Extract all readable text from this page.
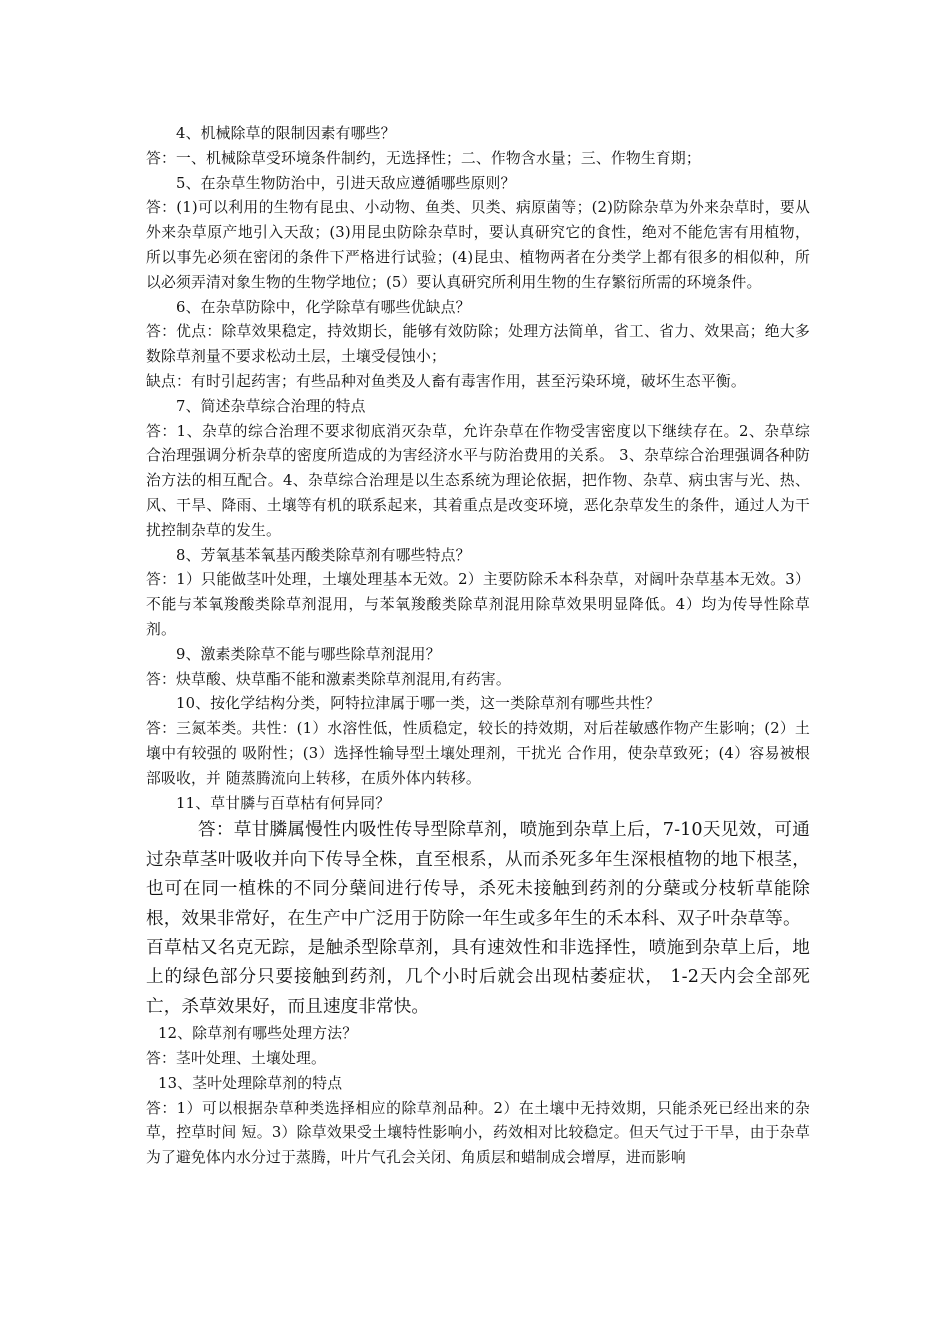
4、机械除草的限制因素有哪些？

答：一、机械除草受环境条件制约，无选择性；二、作物含水量；三、作物生育期；

5、在杂草生物防治中，引进天敌应遵循哪些原则？

答：(1)可以利用的生物有昆虫、小动物、鱼类、贝类、病原菌等；(2)防除杂草为外来杂草时，要从外来杂草原产地引入天敌；(3)用昆虫防除杂草时，要认真研究它的食性，绝对不能危害有用植物，所以事先必须在密闭的条件下严格进行试验；(4)昆虫、植物两者在分类学上都有很多的相似种，所以必须弄清对象生物的生物学地位；(5）要认真研究所利用生物的生存繁衍所需的环境条件。

6、在杂草防除中，化学除草有哪些优缺点？

答：优点：除草效果稳定，持效期长，能够有效防除；处理方法简单，省工、省力、效果高；绝大多数除草剂量不要求松动土层，土壤受侵蚀小；

缺点：有时引起药害；有些品种对鱼类及人畜有毒害作用，甚至污染环境，破坏生态平衡。

7、简述杂草综合治理的特点

答：1、杂草的综合治理不要求彻底消灭杂草，允许杂草在作物受害密度以下继续存在。2、杂草综合治理强调分析杂草的密度所造成的为害经济水平与防治费用的关系。 3、杂草综合治理强调各种防治方法的相互配合。4、杂草综合治理是以生态系统为理论依据，把作物、杂草、病虫害与光、热、风、干旱、降雨、土壤等有机的联系起来，其着重点是改变环境，恶化杂草发生的条件，通过人为干扰控制杂草的发生。

8、芳氧基苯氧基丙酸类除草剂有哪些特点？

答：1）只能做茎叶处理，土壤处理基本无效。2）主要防除禾本科杂草，对阔叶杂草基本无效。3）不能与苯氧羧酸类除草剂混用，与苯氧羧酸类除草剂混用除草效果明显降低。4）均为传导性除草剂。

9、激素类除草不能与哪些除草剂混用？

答：炔草酸、炔草酯不能和激素类除草剂混用,有药害。

10、按化学结构分类，阿特拉津属于哪一类，这一类除草剂有哪些共性？

答：三氮苯类。共性：(1）水溶性低，性质稳定，较长的持效期，对后茬敏感作物产生影响；(2）土壤中有较强的 吸附性；(3）选择性输导型土壤处理剂，干扰光 合作用，使杂草致死；(4）容易被根部吸收，并 随蒸腾流向上转移，在质外体内转移。

11、草甘膦与百草枯有何异同？

答：草甘膦属慢性内吸性传导型除草剂，喷施到杂草上后，7-10天见效，可通过杂草茎叶吸收并向下传导全株，直至根系，从而杀死多年生深根植物的地下根茎，也可在同一植株的不同分蘖间进行传导，杀死未接触到药剂的分蘖或分枝斩草能除根，效果非常好，在生产中广泛用于防除一年生或多年生的禾本科、双子叶杂草等。

百草枯又名克无踪，是触杀型除草剂，具有速效性和非选择性，喷施到杂草上后，地上的绿色部分只要接触到药剂，几个小时后就会出现枯萎症状， 1-2天内会全部死亡，杀草效果好，而且速度非常快。

12、除草剂有哪些处理方法？

答：茎叶处理、土壤处理。

13、茎叶处理除草剂的特点

答：1）可以根据杂草种类选择相应的除草剂品种。2）在土壤中无持效期，只能杀死已经出来的杂草，控草时间 短。3）除草效果受土壤特性影响小，药效相对比较稳定。但天气过于干旱，由于杂草为了避免体内水分过于蒸腾，叶片气孔会关闭、角质层和蜡制成会增厚，进而影响
